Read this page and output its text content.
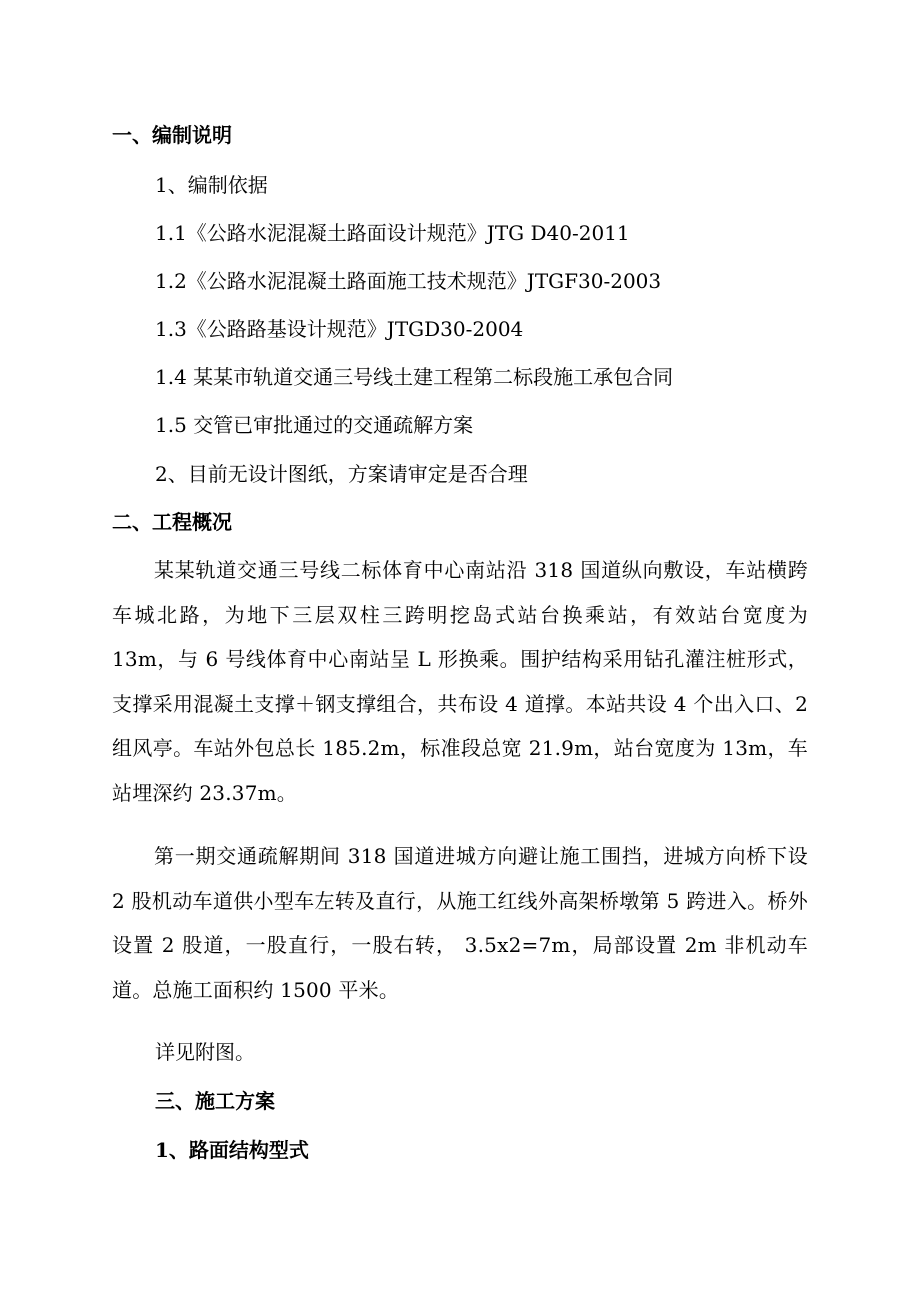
一、编制说明
1、编制依据
1.1《公路水泥混凝土路面设计规范》JTG D40-2011
1.2《公路水泥混凝土路面施工技术规范》JTGF30-2003
1.3《公路路基设计规范》JTGD30-2004
1.4 某某市轨道交通三号线土建工程第二标段施工承包合同
1.5 交管已审批通过的交通疏解方案
2、目前无设计图纸，方案请审定是否合理
二、工程概况
某某轨道交通三号线二标体育中心南站沿 318 国道纵向敷设，车站横跨车城北路，为地下三层双柱三跨明挖岛式站台换乘站，有效站台宽度为 13m，与 6 号线体育中心南站呈 L 形换乘。围护结构采用钻孔灌注桩形式，支撑采用混凝土支撑＋钢支撑组合，共布设 4 道撑。本站共设 4 个出入口、2 组风亭。车站外包总长 185.2m，标准段总宽 21.9m，站台宽度为 13m，车站埋深约 23.37m。
第一期交通疏解期间 318 国道进城方向避让施工围挡，进城方向桥下设 2 股机动车道供小型车左转及直行，从施工红线外高架桥墩第 5 跨进入。桥外设置 2 股道，一股直行，一股右转， 3.5x2=7m，局部设置 2m 非机动车道。总施工面积约 1500 平米。
详见附图。
三、施工方案
1、路面结构型式
